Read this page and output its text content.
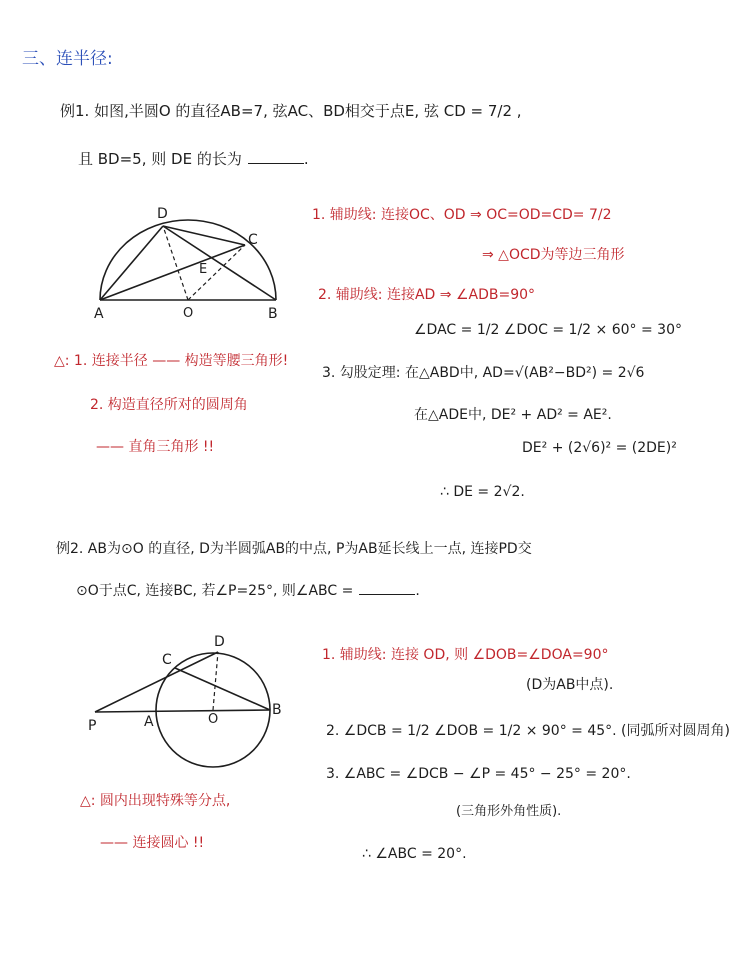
三、连半径:
例1. 如图,半圆O 的直径AB=7, 弦AC、BD相交于点E, 弦 CD = 7/2 ,
且 BD=5, 则 DE 的长为	.
D
C
E
A	O	B
1. 辅助线: 连接OC、OD ⇒ OC=OD=CD= 7/2
⇒ △OCD为等边三角形
2. 辅助线: 连接AD ⇒ ∠ADB=90°
∠DAC = 1/2 ∠DOC = 1/2 × 60° = 30°
3. 勾股定理: 在△ABD中, AD=√(AB²−BD²) = 2√6
在△ADE中, DE² + AD² = AE².
DE² + (2√6)² = (2DE)²
∴ DE = 2√2.
△: 1. 连接半径 —— 构造等腰三角形!
2. 构造直径所对的圆周角
—— 直角三角形 !!
例2. AB为⊙O 的直径, D为半圆弧AB的中点, P为AB延长线上一点, 连接PD交
⊙O于点C, 连接BC, 若∠P=25°, 则∠ABC =	.
D
C
P	A	O
B
1. 辅助线: 连接 OD, 则 ∠DOB=∠DOA=90°
(D为AB中点).
2. ∠DCB = 1/2 ∠DOB = 1/2 × 90° = 45°. (同弧所对圆周角)
3. ∠ABC = ∠DCB − ∠P = 45° − 25° = 20°.
(三角形外角性质).
∴ ∠ABC = 20°.
△: 圆内出现特殊等分点,
—— 连接圆心 !!
